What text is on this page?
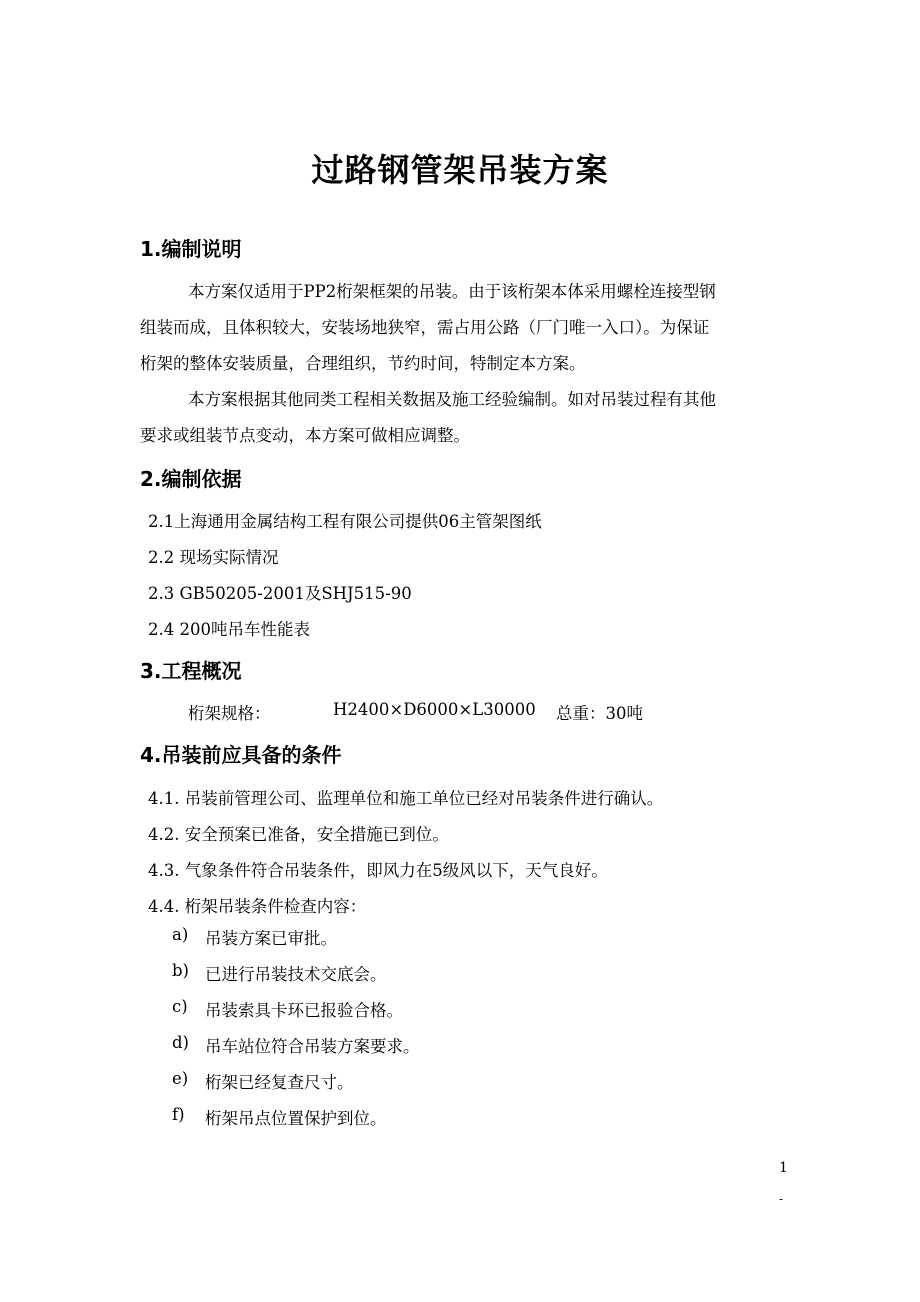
过路钢管架吊装方案
1.编制说明
本方案仅适用于PP2桁架框架的吊装。由于该桁架本体采用螺栓连接型钢
组装而成，且体积较大，安装场地狭窄，需占用公路（厂门唯一入口）。为保证
桁架的整体安装质量，合理组织，节约时间，特制定本方案。
本方案根据其他同类工程相关数据及施工经验编制。如对吊装过程有其他
要求或组装节点变动，本方案可做相应调整。
2.编制依据
2.1上海通用金属结构工程有限公司提供06主管架图纸
2.2 现场实际情况
2.3 GB50205-2001及SHJ515-90
2.4 200吨吊车性能表
3.工程概况
桁架规格：	H2400×D6000×L30000 总重：30吨
4.吊装前应具备的条件
4.1. 吊装前管理公司、监理单位和施工单位已经对吊装条件进行确认。
4.2. 安全预案已准备，安全措施已到位。
4.3. 气象条件符合吊装条件，即风力在5级风以下，天气良好。
4.4. 桁架吊装条件检查内容：
a) 吊装方案已审批。
b) 已进行吊装技术交底会。
c) 吊装索具卡环已报验合格。
d) 吊车站位符合吊装方案要求。
e) 桁架已经复查尺寸。
f) 桁架吊点位置保护到位。
1
-
